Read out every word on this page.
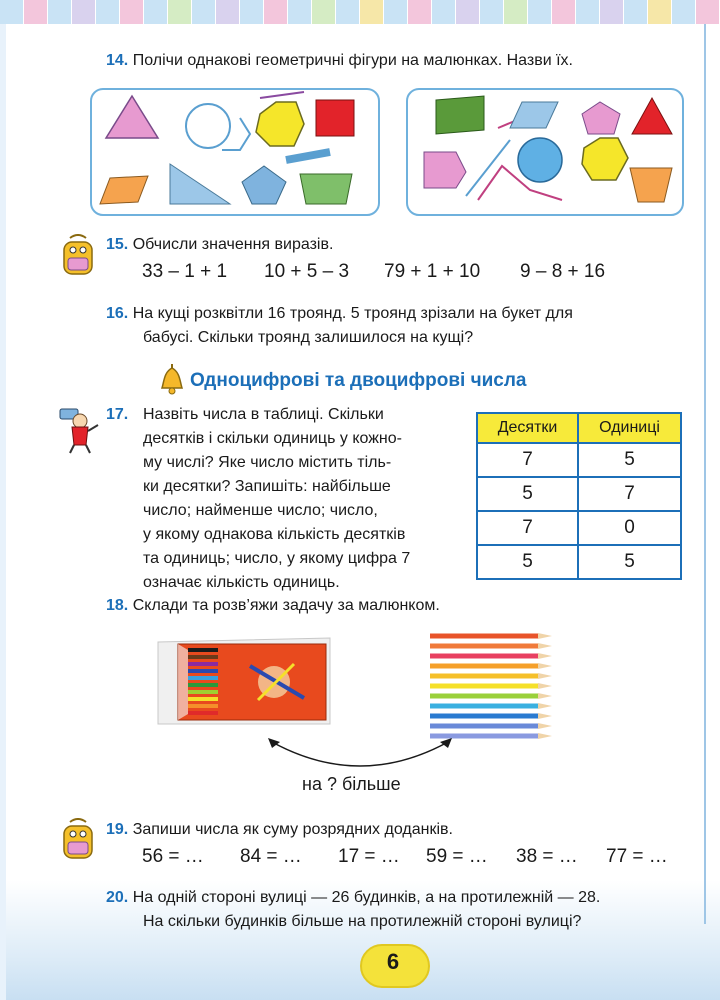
14. Полічи однакові геометричні фігури на малюнках. Назви їх.
15. Обчисли значення виразів.
33 – 1 + 1 10 + 5 – 3 79 + 1 + 10 9 – 8 + 16
16. На кущі розквітли 16 троянд. 5 троянд зрізали на букет для
бабусі. Скільки троянд залишилося на кущі?
Одноцифрові та двоцифрові числа
17. Назвіть числа в таблиці. Скільки
десятків і скільки одиниць у кожно-
му числі? Яке число містить тіль-
ки десятки? Запишіть: найбільше
число; найменше число; число,
у якому однакова кількість десятків
та одиниць; число, у якому цифра 7
означає кількість одиниць.
Десятки	Одиниці
7	5
5	7
7	0
5	5
18. Склади та розв’яжи задачу за малюнком.
на ? більше
19. Запиши числа як суму розрядних доданків.
56 = … 84 = … 17 = … 59 = … 38 = … 77 = …
20. На одній стороні вулиці — 26 будинків, а на протилежній — 28.
На скільки будинків більше на протилежній стороні вулиці?
6
